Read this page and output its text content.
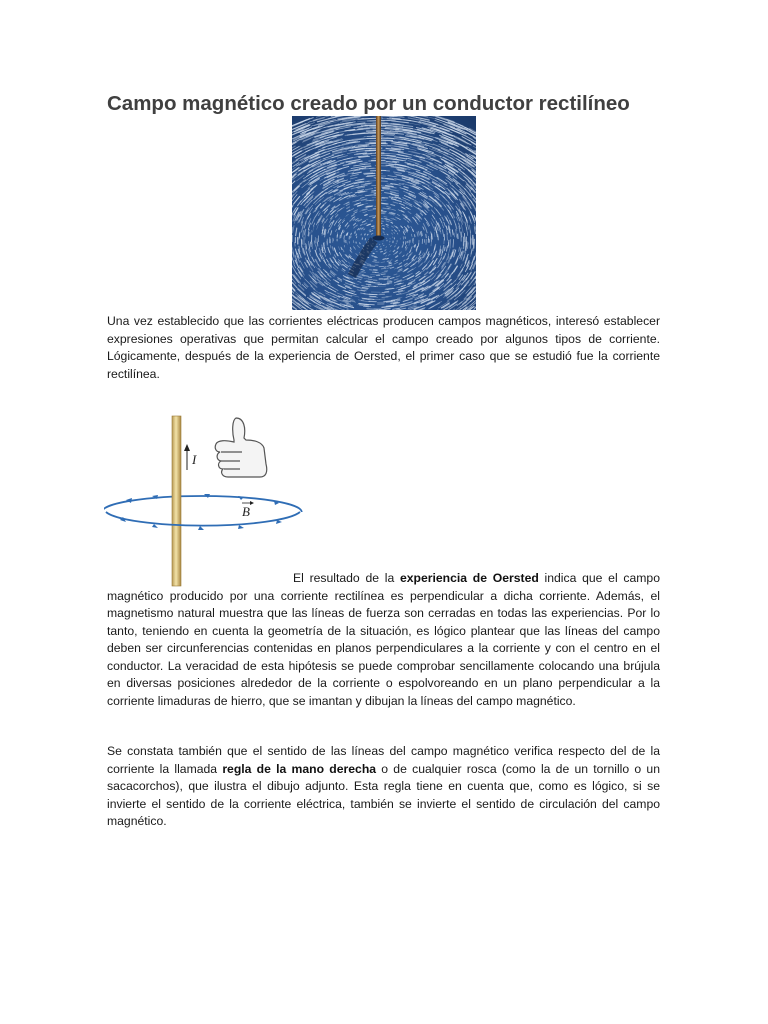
Campo magnético creado por un conductor rectilíneo

Una vez establecido que las corrientes eléctricas producen campos magnéticos, interesó establecer expresiones operativas que permitan calcular el campo creado por algunos tipos de corriente. Lógicamente, después de la experiencia de Oersted, el primer caso que se estudió fue la corriente rectilínea.

I
B

El resultado de la experiencia de Oersted indica que el campo magnético producido por una corriente rectilínea es perpendicular a dicha corriente. Además, el magnetismo natural muestra que las líneas de fuerza son cerradas en todas las experiencias. Por lo tanto, teniendo en cuenta la geometría de la situación, es lógico plantear que las líneas del campo deben ser circunferencias contenidas en planos perpendiculares a la corriente y con el centro en el conductor. La veracidad de esta hipótesis se puede comprobar sencillamente colocando una brújula en diversas posiciones alrededor de la corriente o espolvoreando en un plano perpendicular a la corriente limaduras de hierro, que se imantan y dibujan la líneas del campo magnético.

Se constata también que el sentido de las líneas del campo magnético verifica respecto del de la corriente la llamada regla de la mano derecha o de cualquier rosca (como la de un tornillo o un sacacorchos), que ilustra el dibujo adjunto. Esta regla tiene en cuenta que, como es lógico, si se invierte el sentido de la corriente eléctrica, también se invierte el sentido de circulación del campo magnético.
